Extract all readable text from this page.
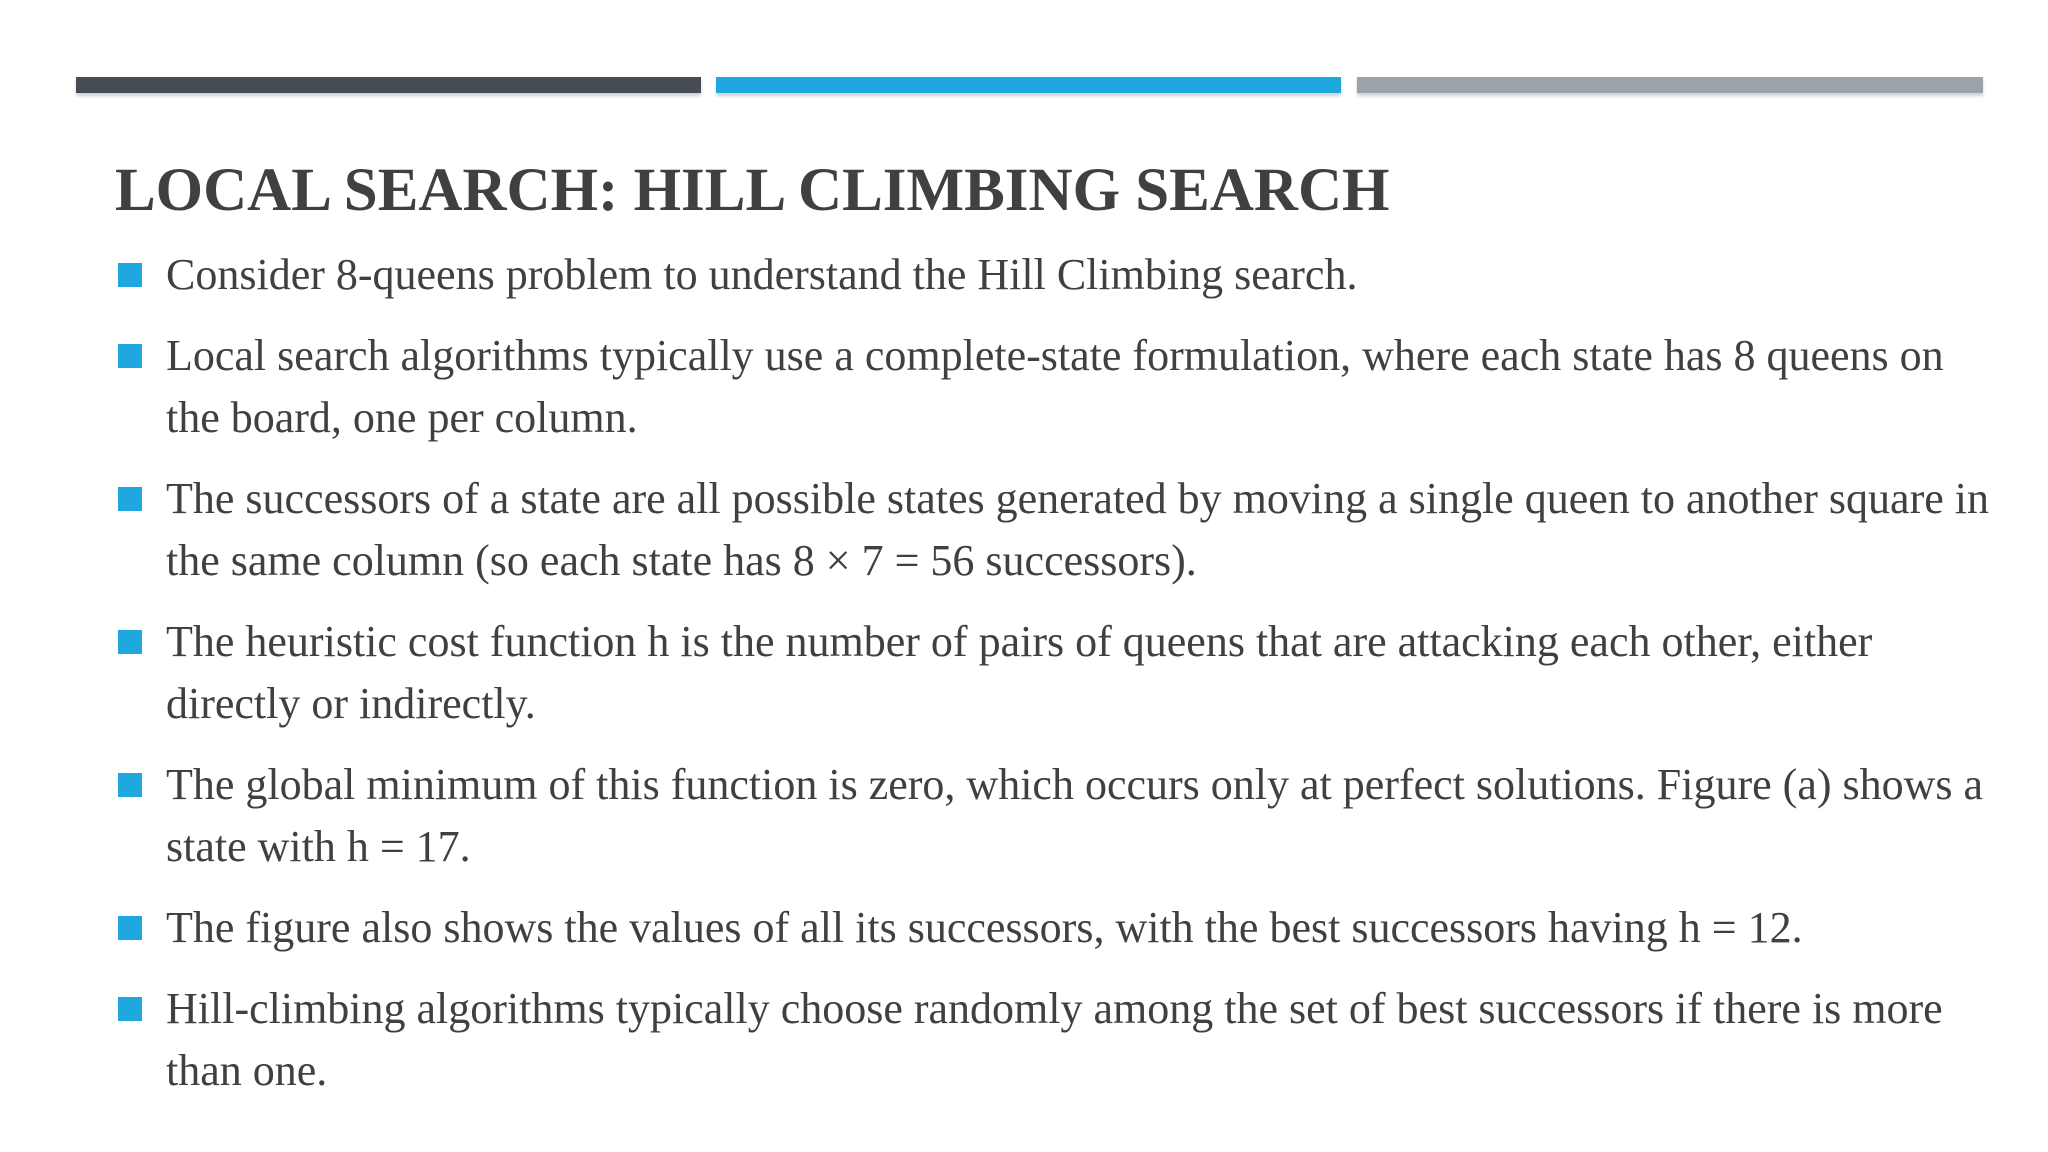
LOCAL SEARCH: HILL CLIMBING SEARCH
Consider 8-queens problem to understand the Hill Climbing search.
Local search algorithms typically use a complete-state formulation, where each state has 8 queens on the board, one per column.
The successors of a state are all possible states generated by moving a single queen to another square in the same column (so each state has 8 × 7 = 56 successors).
The heuristic cost function h is the number of pairs of queens that are attacking each other, either directly or indirectly.
The global minimum of this function is zero, which occurs only at perfect solutions. Figure (a) shows a state with h = 17.
The figure also shows the values of all its successors, with the best successors having h = 12.
Hill-climbing algorithms typically choose randomly among the set of best successors if there is more than one.
